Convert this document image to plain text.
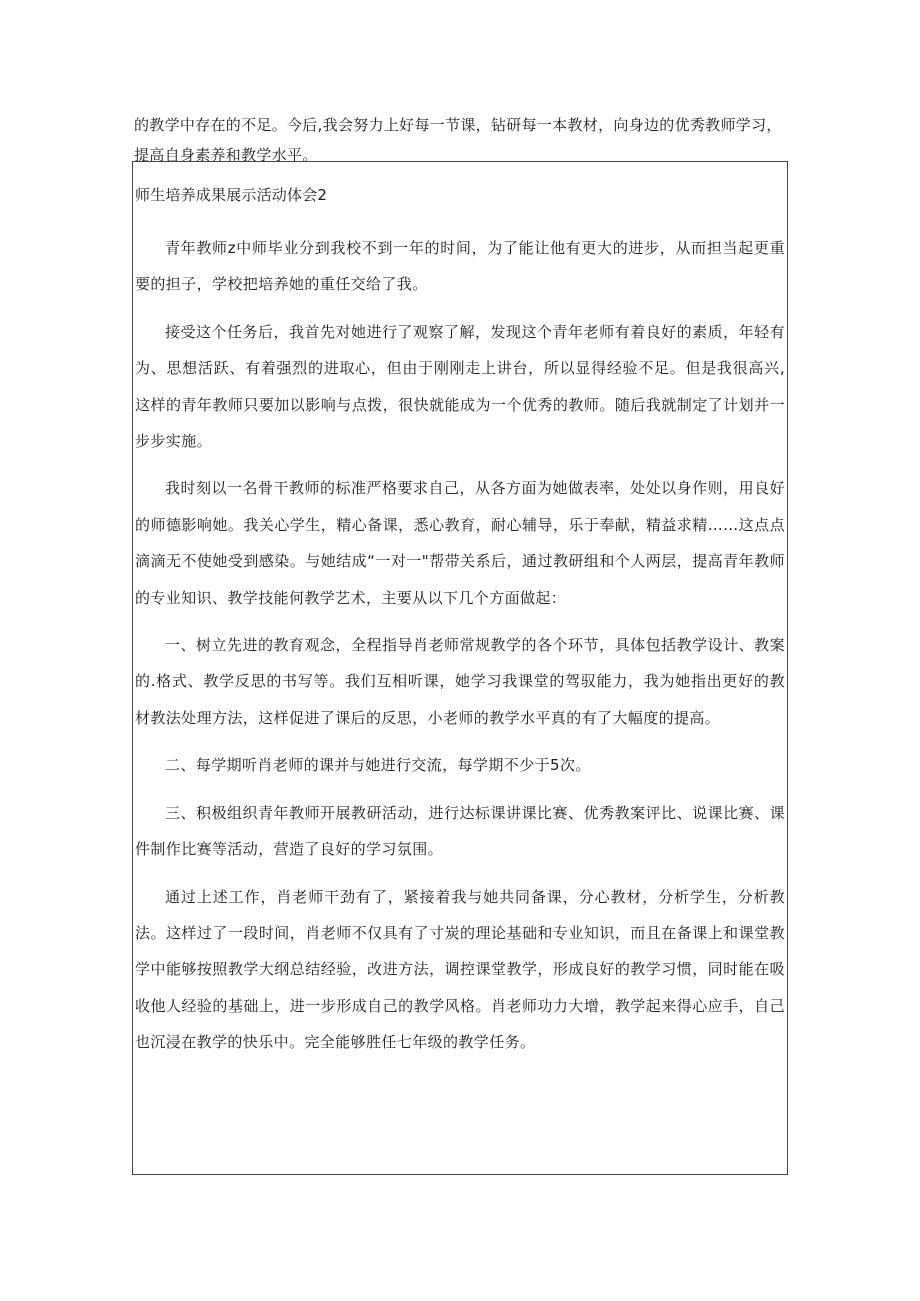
的教学中存在的不足。今后,我会努力上好每一节课，钻研每一本教材，向身边的优秀教师学习，提高自身素养和教学水平。

师生培养成果展示活动体会2

青年教师z中师毕业分到我校不到一年的时间，为了能让他有更大的进步，从而担当起更重要的担子，学校把培养她的重任交给了我。

接受这个任务后，我首先对她进行了观察了解，发现这个青年老师有着良好的素质，年轻有为、思想活跃、有着强烈的进取心，但由于刚刚走上讲台，所以显得经验不足。但是我很高兴,这样的青年教师只要加以影响与点拨，很快就能成为一个优秀的教师。随后我就制定了计划并一步步实施。

我时刻以一名骨干教师的标准严格要求自己，从各方面为她做表率，处处以身作则，用良好的师德影响她。我关心学生，精心备课，悉心教育，耐心辅导，乐于奉献，精益求精……这点点滴滴无不使她受到感染。与她结成“一对一"帮带关系后，通过教研组和个人两层，提高青年教师的专业知识、教学技能何教学艺术，主要从以下几个方面做起：

一、树立先进的教育观念，全程指导肖老师常规教学的各个环节，具体包括教学设计、教案的.格式、教学反思的书写等。我们互相听课，她学习我课堂的驾驭能力，我为她指出更好的教材教法处理方法，这样促进了课后的反思，小老师的教学水平真的有了大幅度的提高。

二、每学期听肖老师的课并与她进行交流，每学期不少于5次。

三、积极组织青年教师开展教研活动，进行达标课讲课比赛、优秀教案评比、说课比赛、课件制作比赛等活动，营造了良好的学习氛围。

通过上述工作，肖老师干劲有了，紧接着我与她共同备课，分心教材，分析学生，分析教法。这样过了一段时间，肖老师不仅具有了寸炭的理论基础和专业知识，而且在备课上和课堂教学中能够按照教学大纲总结经验，改进方法，调控课堂教学，形成良好的教学习惯，同时能在吸收他人经验的基础上，进一步形成自己的教学风格。肖老师功力大增，教学起来得心应手，自己也沉浸在教学的快乐中。完全能够胜任七年级的教学任务。
